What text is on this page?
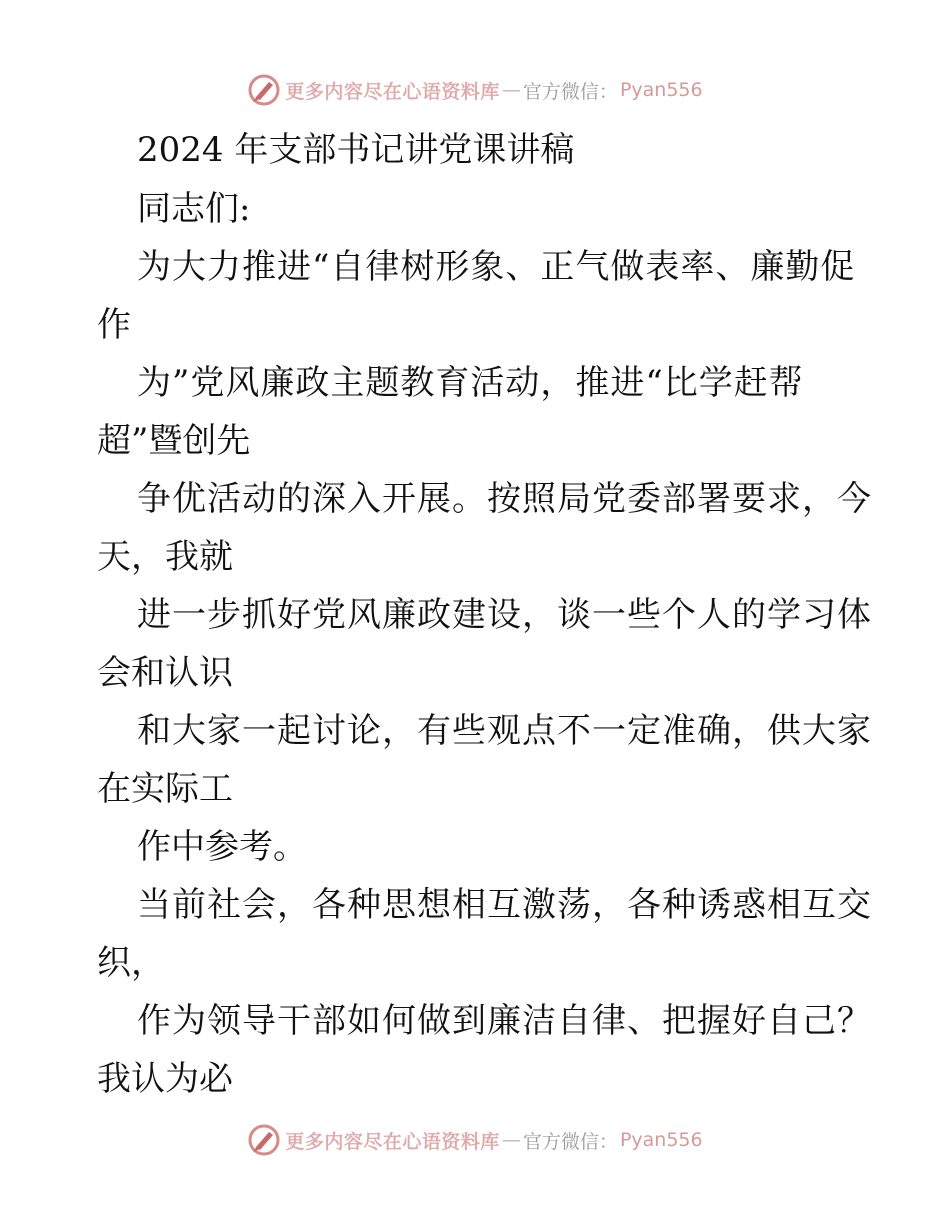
更多内容尽在心语资料库 — 官方微信： Pyan556
2024 年支部书记讲党课讲稿
同志们:
为大力推进“自律树形象、正气做表率、廉勤促
作
为”党风廉政主题教育活动，推进“比学赶帮
超”暨创先
争优活动的深入开展。按照局党委部署要求，今
天，我就
进一步抓好党风廉政建设，谈一些个人的学习体
会和认识
和大家一起讨论，有些观点不一定准确，供大家
在实际工
作中参考。
当前社会，各种思想相互激荡，各种诱惑相互交
织，
作为领导干部如何做到廉洁自律、把握好自己？
我认为必
更多内容尽在心语资料库 — 官方微信： Pyan556
